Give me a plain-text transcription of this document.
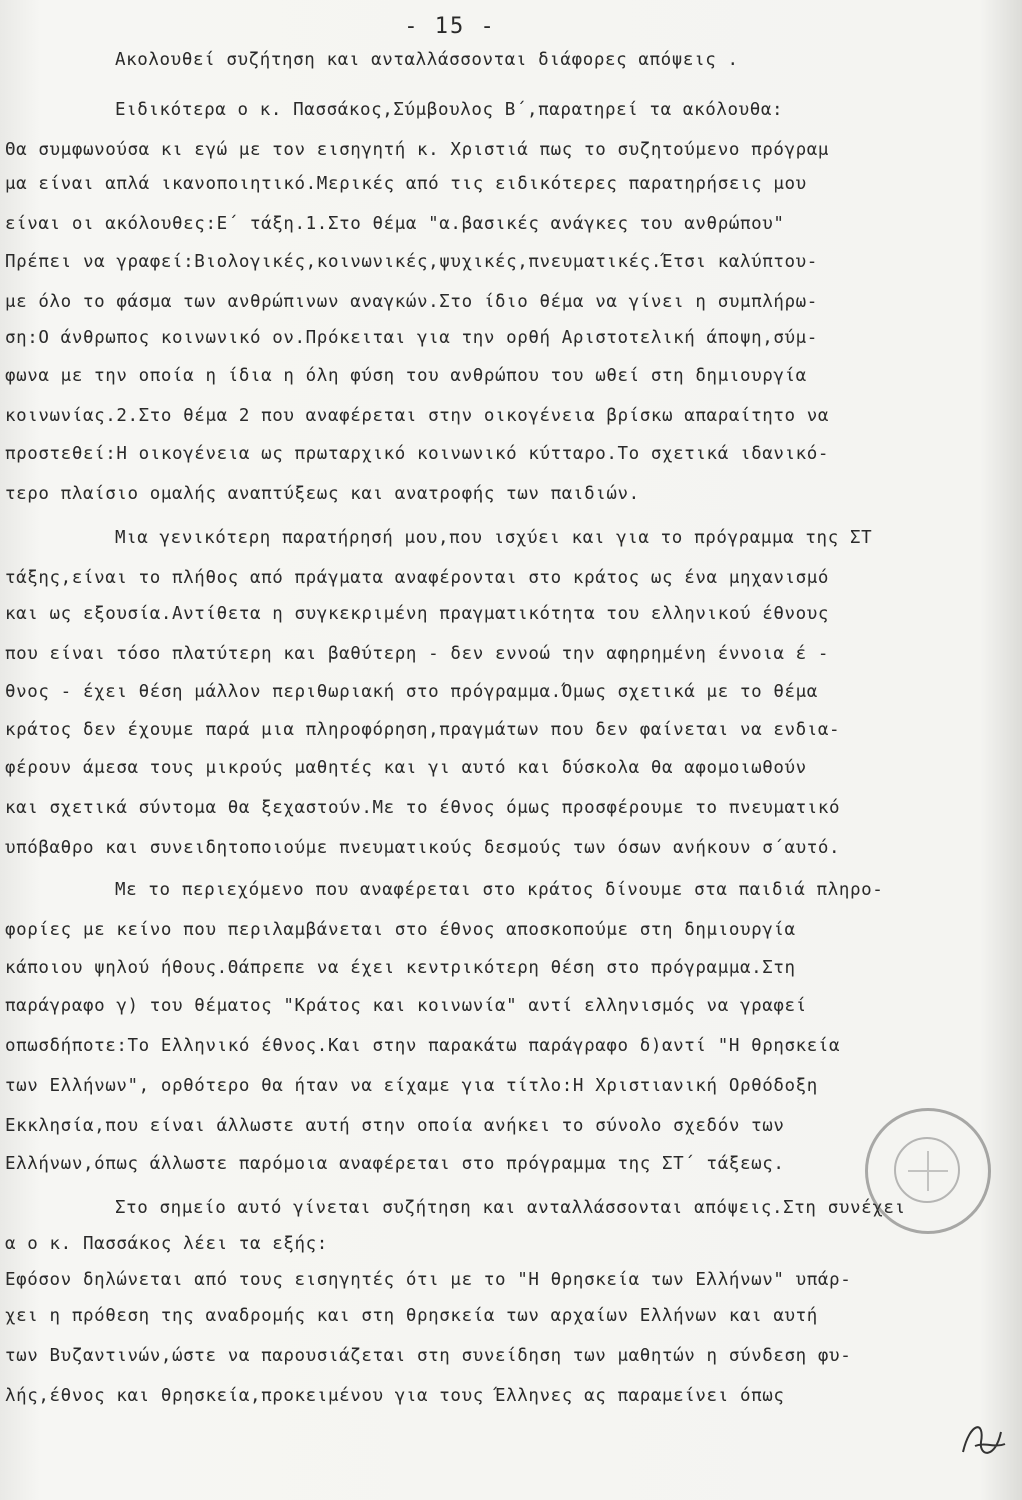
- 15 -
Ακολουθεί συζήτηση και ανταλλάσσονται διάφορες απόψεις .
Ειδικότερα ο κ. Πασσάκος,Σύμβουλος Β΄,παρατηρεί τα ακόλουθα:
Θα συμφωνούσα κι εγώ με τον εισηγητή κ. Χριστιά πως το συζητούμενο πρόγραμ
μα είναι απλά ικανοποιητικό.Μερικές από τις ειδικότερες παρατηρήσεις μου
είναι οι ακόλουθες:Ε΄ τάξη.1.Στο θέμα "α.βασικές ανάγκες του ανθρώπου"
Πρέπει να γραφεί:Βιολογικές,κοινωνικές,ψυχικές,πνευματικές.Έτσι καλύπτου-
με όλο το φάσμα των ανθρώπινων αναγκών.Στο ίδιο θέμα να γίνει η συμπλήρω-
ση:Ο άνθρωπος κοινωνικό ον.Πρόκειται για την ορθή Αριστοτελική άποψη,σύμ-
φωνα με την οποία η ίδια η όλη φύση του ανθρώπου του ωθεί στη δημιουργία
κοινωνίας.2.Στο θέμα 2 που αναφέρεται στην οικογένεια βρίσκω απαραίτητο να
προστεθεί:Η οικογένεια ως πρωταρχικό κοινωνικό κύτταρο.Το σχετικά ιδανικό-
τερο πλαίσιο ομαλής αναπτύξεως και ανατροφής των παιδιών.
Μια γενικότερη παρατήρησή μου,που ισχύει και για το πρόγραμμα της ΣΤ
τάξης,είναι το πλήθος από πράγματα αναφέρονται στο κράτος ως ένα μηχανισμό
και ως εξουσία.Αντίθετα η συγκεκριμένη πραγματικότητα του ελληνικού έθνους
που είναι τόσο πλατύτερη και βαθύτερη - δεν εννοώ την αφηρημένη έννοια έ -
θνος - έχει θέση μάλλον περιθωριακή στο πρόγραμμα.Όμως σχετικά με το θέμα
κράτος δεν έχουμε παρά μια πληροφόρηση,πραγμάτων που δεν φαίνεται να ενδια-
φέρουν άμεσα τους μικρούς μαθητές και γι αυτό και δύσκολα θα αφομοιωθούν
και σχετικά σύντομα θα ξεχαστούν.Με το έθνος όμως προσφέρουμε το πνευματικό
υπόβαθρο και συνειδητοποιούμε πνευματικούς δεσμούς των όσων ανήκουν σ΄αυτό.
Με το περιεχόμενο που αναφέρεται στο κράτος δίνουμε στα παιδιά πληρο-
φορίες με κείνο που περιλαμβάνεται στο έθνος αποσκοπούμε στη δημιουργία
κάποιου ψηλού ήθους.Θάπρεπε να έχει κεντρικότερη θέση στο πρόγραμμα.Στη
παράγραφο γ) του θέματος "Κράτος και κοινωνία" αντί ελληνισμός να γραφεί
οπωσδήποτε:Το Ελληνικό έθνος.Και στην παρακάτω παράγραφο δ)αντί "Η θρησκεία
των Ελλήνων", ορθότερο θα ήταν να είχαμε για τίτλο:Η Χριστιανική Ορθόδοξη
Εκκλησία,που είναι άλλωστε αυτή στην οποία ανήκει το σύνολο σχεδόν των
Ελλήνων,όπως άλλωστε παρόμοια αναφέρεται στο πρόγραμμα της ΣΤ΄ τάξεως.
Στο σημείο αυτό γίνεται συζήτηση και ανταλλάσσονται απόψεις.Στη συνέχει
α ο κ. Πασσάκος λέει τα εξής:
Εφόσον δηλώνεται από τους εισηγητές ότι με το "Η θρησκεία των Ελλήνων" υπάρ-
χει η πρόθεση της αναδρομής και στη θρησκεία των αρχαίων Ελλήνων και αυτή
των Βυζαντινών,ώστε να παρουσιάζεται στη συνείδηση των μαθητών η σύνδεση φυ-
λής,έθνος και θρησκεία,προκειμένου για τους Έλληνες ας παραμείνει όπως
